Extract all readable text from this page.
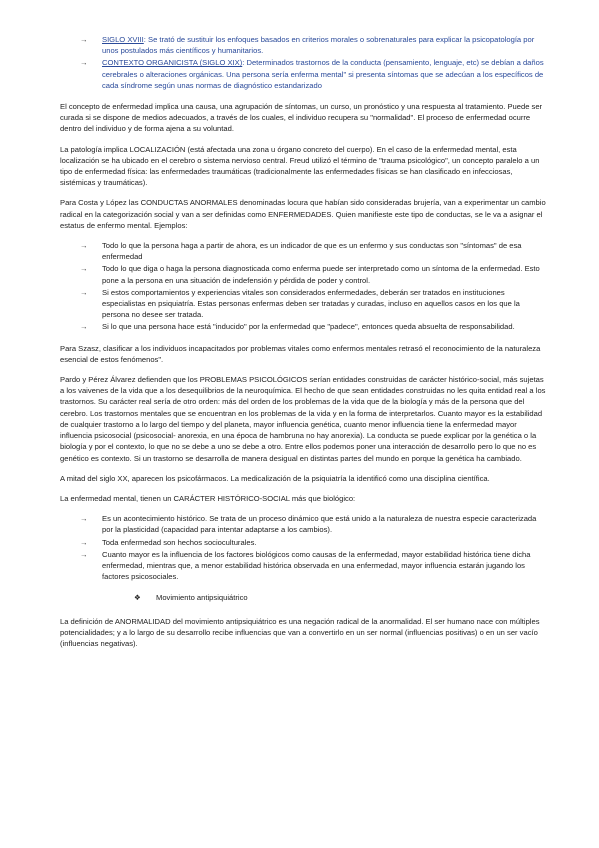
→	SIGLO XVIII: Se trató de sustituir los enfoques basados en criterios morales o sobrenaturales para explicar la psicopatología por unos postulados más científicos y humanitarios.
→	CONTEXTO ORGANICISTA (SIGLO XIX): Determinados trastornos de la conducta (pensamiento, lenguaje, etc) se debían a daños cerebrales o alteraciones orgánicas. Una persona sería enferma mental" si presenta síntomas que se adecúan a los específicos de cada síndrome según unas normas de diagnóstico estandarizado

El concepto de enfermedad implica una causa, una agrupación de síntomas, un curso, un pronóstico y una respuesta al tratamiento. Puede ser curada si se dispone de medios adecuados, a través de los cuales, el individuo recupera su "normalidad". El proceso de enfermedad ocurre dentro del individuo y de forma ajena a su voluntad.

La patología implica LOCALIZACIÓN (está afectada una zona u órgano concreto del cuerpo). En el caso de la enfermedad mental, esta localización se ha ubicado en el cerebro o sistema nervioso central. Freud utilizó el término de "trauma psicológico", un concepto paralelo a un tipo de enfermedad física: las enfermedades traumáticas (tradicionalmente las enfermedades físicas se han clasificado en infecciosas, sistémicas y traumáticas).

Para Costa y López las CONDUCTAS ANORMALES denominadas locura que habían sido consideradas brujería, van a experimentar un cambio radical en la categorización social y van a ser definidas como ENFERMEDADES. Quien manifieste este tipo de conductas, se le va a asignar el estatus de enfermo mental. Ejemplos:

→	Todo lo que la persona haga a partir de ahora, es un indicador de que es un enfermo y sus conductas son "síntomas" de esa enfermedad
→	Todo lo que diga o haga la persona diagnosticada como enferma puede ser interpretado como un síntoma de la enfermedad. Esto pone a la persona en una situación de indefensión y pérdida de poder y control.
→	Si estos comportamientos y experiencias vitales son considerados enfermedades, deberán ser tratados en instituciones especialistas en psiquiatría. Estas personas enfermas deben ser tratadas y curadas, incluso en aquellos casos en los que la persona no desee ser tratada.
→	Si lo que una persona hace está "inducido" por la enfermedad que "padece", entonces queda absuelta de responsabilidad.

Para Szasz, clasificar a los individuos incapacitados por problemas vitales como enfermos mentales retrasó el reconocimiento de la naturaleza esencial de estos fenómenos".

Pardo y Pérez Álvarez defienden que los PROBLEMAS PSICOLÓGICOS serían entidades construidas de carácter histórico-social, más sujetas a los vaivenes de la vida que a los desequilibrios de la neuroquímica. El hecho de que sean entidades construidas no les quita entidad real a los trastornos. Su carácter real sería de otro orden: más del orden de los problemas de la vida que de la biología y más de la persona que del cerebro. Los trastornos mentales que se encuentran en los problemas de la vida y en la forma de interpretarlos. Cuanto mayor es la estabilidad de cualquier trastorno a lo largo del tiempo y del planeta, mayor influencia genética, cuanto menor influencia tiene la enfermedad mayor influencia psicosocial (psicosocial- anorexia, en una época de hambruna no hay anorexia). La conducta se puede explicar por la genética o la biología y por el contexto, lo que no se debe a uno se debe a otro. Entre ellos podemos poner una interacción de desarrollo pero lo que no es genético es contexto. Si un trastorno se desarrolla de manera desigual en distintas partes del mundo en porque la genética ha cambiado.

A mitad del siglo XX, aparecen los psicofármacos. La medicalización de la psiquiatría la identificó como una disciplina científica.

La enfermedad mental, tienen un CARÁCTER HISTÓRICO-SOCIAL más que biológico:

→	Es un acontecimiento histórico. Se trata de un proceso dinámico que está unido a la naturaleza de nuestra especie caracterizada por la plasticidad (capacidad para intentar adaptarse a los cambios).
→	Toda enfermedad son hechos socioculturales.
→	Cuanto mayor es la influencia de los factores biológicos como causas de la enfermedad, mayor estabilidad histórica tiene dicha enfermedad, mientras que, a menor estabilidad histórica observada en una enfermedad, mayor influencia estarán jugando los factores psicosociales.
❖ Movimiento antipsiquiátrico

La definición de ANORMALIDAD del movimiento antipsiquiátrico es una negación radical de la anormalidad. El ser humano nace con múltiples potencialidades; y a lo largo de su desarrollo recibe influencias que van a convertirlo en un ser normal (influencias positivas) o en un ser vacío (influencias negativas).
